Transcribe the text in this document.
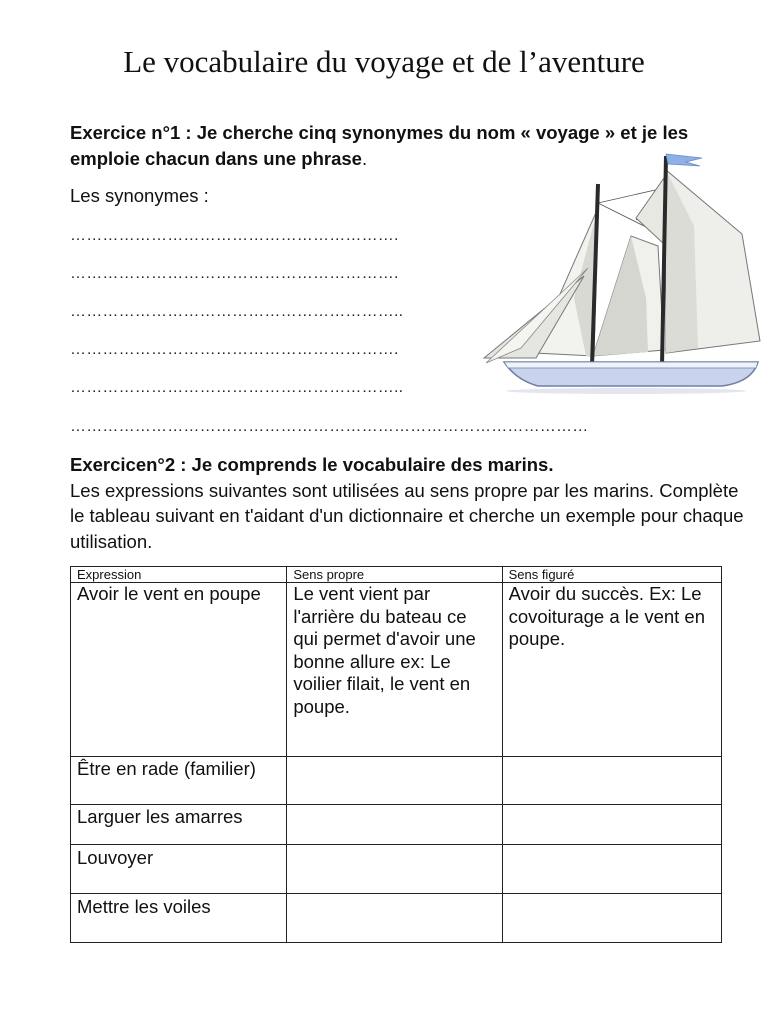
Le vocabulaire du voyage et de l’aventure
Exercice n°1 : Je cherche cinq synonymes du nom « voyage » et je les emploie chacun dans une phrase.
Les synonymes :
…………………………………………………….
…………………………………………………….
……………………………………………………..
…………………………………………………….
……………………………………………………..
……………………………………………………………………………………
Exercicen°2 : Je comprends le vocabulaire des marins.
Les expressions suivantes sont utilisées au sens propre par les marins. Complète le tableau suivant en t'aidant d'un dictionnaire et cherche un exemple pour chaque utilisation.
Expression	Sens propre	Sens figuré
Avoir le vent en poupe	Le vent vient par l'arrière du bateau ce qui permet d'avoir une bonne allure ex: Le voilier filait, le vent en poupe.	Avoir du succès. Ex: Le covoiturage a le vent en poupe.
Être en rade (familier)		
Larguer les amarres		
Louvoyer		
Mettre les voiles		
